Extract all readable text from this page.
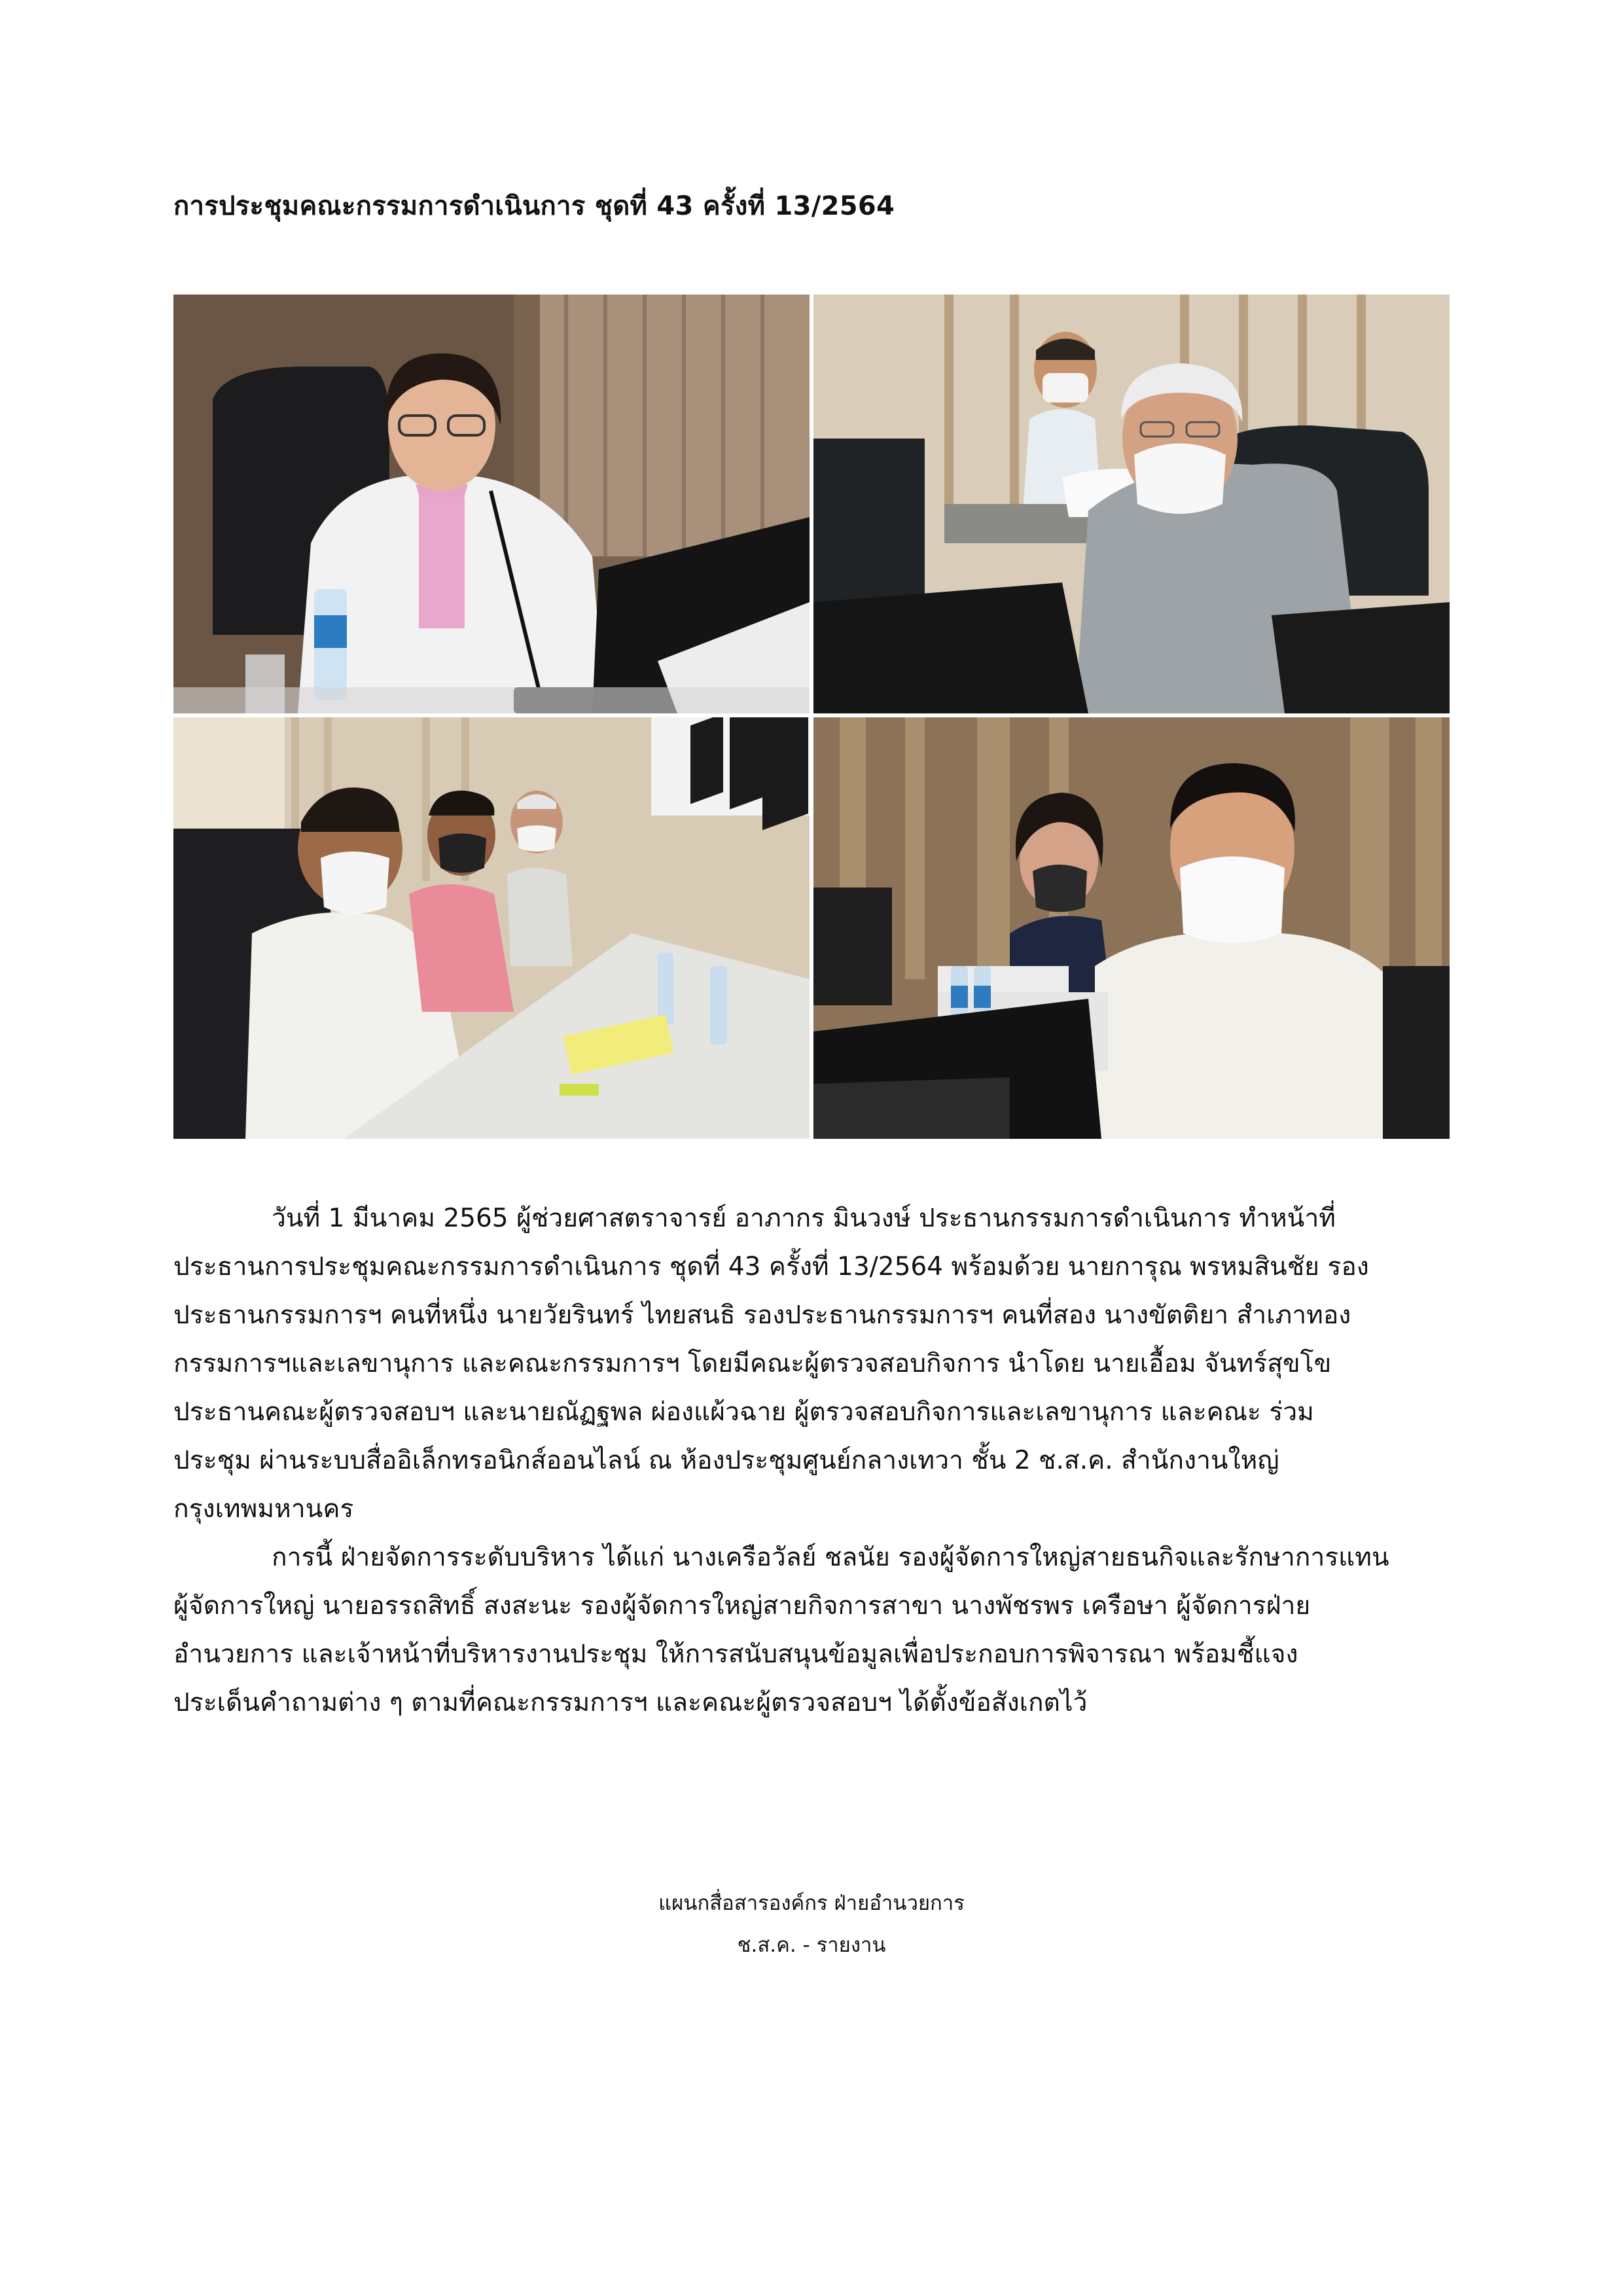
การประชุมคณะกรรมการดำเนินการ ชุดที่ 43 ครั้งที่ 13/2564

วันที่ 1 มีนาคม 2565 ผู้ช่วยศาสตราจารย์ อาภากร มินวงษ์ ประธานกรรมการดำเนินการ ทำหน้าที่
ประธานการประชุมคณะกรรมการดำเนินการ ชุดที่ 43 ครั้งที่ 13/2564 พร้อมด้วย นายการุณ พรหมสินชัย รอง
ประธานกรรมการฯ คนที่หนึ่ง นายวัยรินทร์ ไทยสนธิ รองประธานกรรมการฯ คนที่สอง นางขัตติยา สำเภาทอง
กรรมการฯและเลขานุการ และคณะกรรมการฯ โดยมีคณะผู้ตรวจสอบกิจการ นำโดย นายเอื้อม จันทร์สุขโข
ประธานคณะผู้ตรวจสอบฯ และนายณัฏฐพล ผ่องแผ้วฉาย ผู้ตรวจสอบกิจการและเลขานุการ และคณะ ร่วม
ประชุม ผ่านระบบสื่ออิเล็กทรอนิกส์ออนไลน์ ณ ห้องประชุมศูนย์กลางเทวา ชั้น 2 ช.ส.ค. สำนักงานใหญ่
กรุงเทพมหานคร

การนี้ ฝ่ายจัดการระดับบริหาร ได้แก่ นางเครือวัลย์ ชลนัย รองผู้จัดการใหญ่สายธนกิจและรักษาการแทน
ผู้จัดการใหญ่ นายอรรถสิทธิ์ สงสะนะ รองผู้จัดการใหญ่สายกิจการสาขา นางพัชรพร เครือษา ผู้จัดการฝ่าย
อำนวยการ และเจ้าหน้าที่บริหารงานประชุม ให้การสนับสนุนข้อมูลเพื่อประกอบการพิจารณา พร้อมชี้แจง
ประเด็นคำถามต่าง ๆ ตามที่คณะกรรมการฯ และคณะผู้ตรวจสอบฯ ได้ตั้งข้อสังเกตไว้

แผนกสื่อสารองค์กร ฝ่ายอำนวยการ
ช.ส.ค. - รายงาน
